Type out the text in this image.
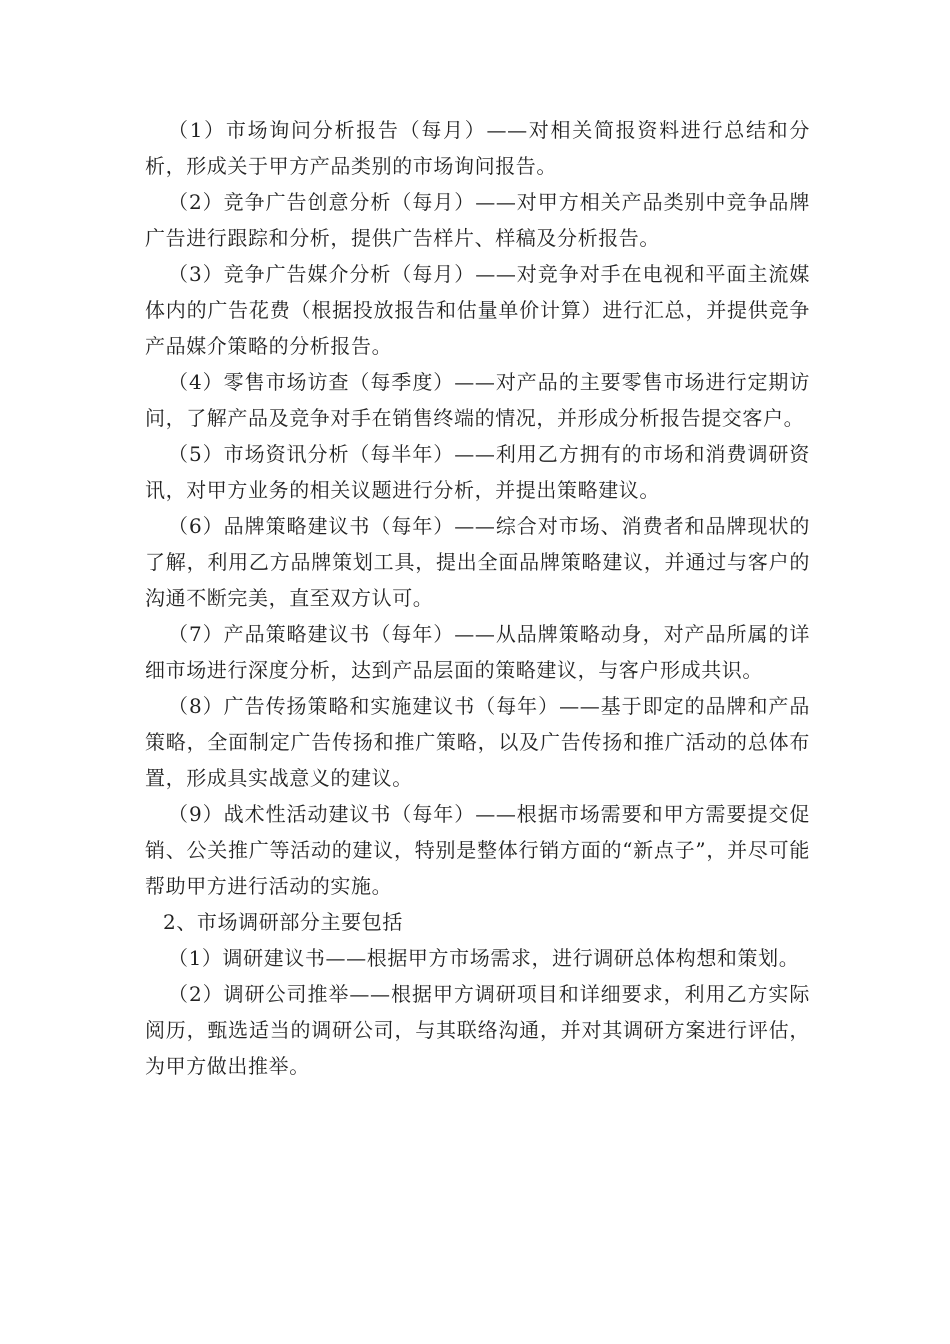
（1）市场询问分析报告（每月）——对相关简报资料进行总结和分析，形成关于甲方产品类别的市场询问报告。

（2）竞争广告创意分析（每月）——对甲方相关产品类别中竞争品牌广告进行跟踪和分析，提供广告样片、样稿及分析报告。

（3）竞争广告媒介分析（每月）——对竞争对手在电视和平面主流媒体内的广告花费（根据投放报告和估量单价计算）进行汇总，并提供竞争产品媒介策略的分析报告。

（4）零售市场访查（每季度）——对产品的主要零售市场进行定期访问，了解产品及竞争对手在销售终端的情况，并形成分析报告提交客户。

（5）市场资讯分析（每半年）——利用乙方拥有的市场和消费调研资讯，对甲方业务的相关议题进行分析，并提出策略建议。

（6）品牌策略建议书（每年）——综合对市场、消费者和品牌现状的了解，利用乙方品牌策划工具，提出全面品牌策略建议，并通过与客户的沟通不断完美，直至双方认可。

（7）产品策略建议书（每年）——从品牌策略动身，对产品所属的详细市场进行深度分析，达到产品层面的策略建议，与客户形成共识。

（8）广告传扬策略和实施建议书（每年）——基于即定的品牌和产品策略，全面制定广告传扬和推广策略，以及广告传扬和推广活动的总体布置，形成具实战意义的建议。

（9）战术性活动建议书（每年）——根据市场需要和甲方需要提交促销、公关推广等活动的建议，特别是整体行销方面的“新点子”，并尽可能帮助甲方进行活动的实施。

2、市场调研部分主要包括

（1）调研建议书——根据甲方市场需求，进行调研总体构想和策划。

（2）调研公司推举——根据甲方调研项目和详细要求，利用乙方实际阅历，甄选适当的调研公司，与其联络沟通，并对其调研方案进行评估，为甲方做出推举。
